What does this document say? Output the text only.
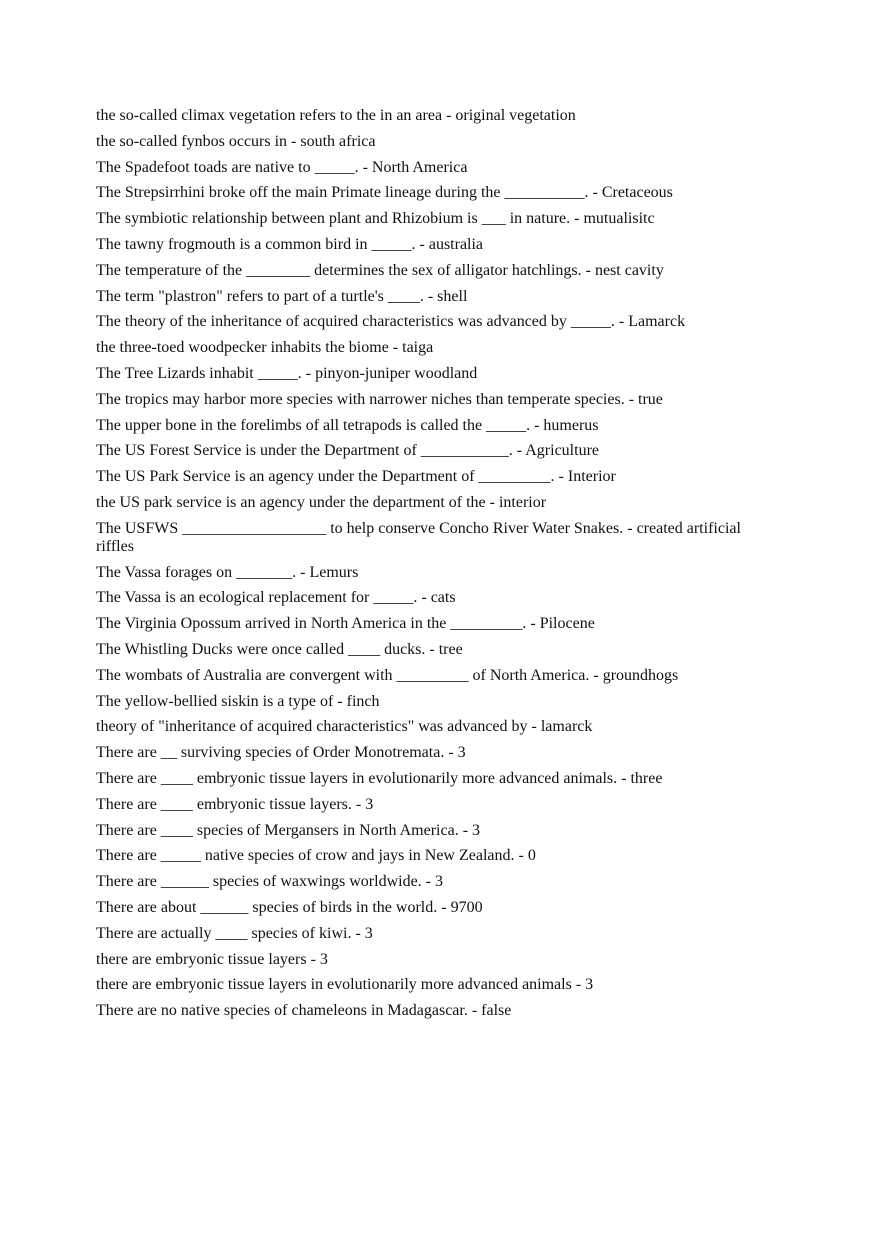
the so-called climax vegetation refers to the in an area - original vegetation
the so-called fynbos occurs in - south africa
The Spadefoot toads are native to _____. - North America
The Strepsirrhini broke off the main Primate lineage during the __________. - Cretaceous
The symbiotic relationship between plant and Rhizobium is ___ in nature. - mutualisitc
The tawny frogmouth is a common bird in _____. - australia
The temperature of the ________ determines the sex of alligator hatchlings. - nest cavity
The term "plastron" refers to part of a turtle's ____. - shell
The theory of the inheritance of acquired characteristics was advanced by _____. - Lamarck
the three-toed woodpecker inhabits the biome - taiga
The Tree Lizards inhabit _____. - pinyon-juniper woodland
The tropics may harbor more species with narrower niches than temperate species. - true
The upper bone in the forelimbs of all tetrapods is called the _____. - humerus
The US Forest Service is under the Department of ___________. - Agriculture
The US Park Service is an agency under the Department of _________. - Interior
the US park service is an agency under the department of the - interior
The USFWS __________________ to help conserve Concho River Water Snakes. - created artificial riffles
The Vassa forages on _______. - Lemurs
The Vassa is an ecological replacement for _____. - cats
The Virginia Opossum arrived in North America in the _________. - Pilocene
The Whistling Ducks were once called ____ ducks. - tree
The wombats of Australia are convergent with _________ of North America. - groundhogs
The yellow-bellied siskin is a type of - finch
theory of "inheritance of acquired characteristics" was advanced by - lamarck
There are __ surviving species of Order Monotremata. - 3
There are ____ embryonic tissue layers in evolutionarily more advanced animals. - three
There are ____ embryonic tissue layers. - 3
There are ____ species of Mergansers in North America. - 3
There are _____ native species of crow and jays in New Zealand. - 0
There are ______ species of waxwings worldwide. - 3
There are about ______ species of birds in the world. - 9700
There are actually ____ species of kiwi. - 3
there are embryonic tissue layers - 3
there are embryonic tissue layers in evolutionarily more advanced animals - 3
There are no native species of chameleons in Madagascar. - false
